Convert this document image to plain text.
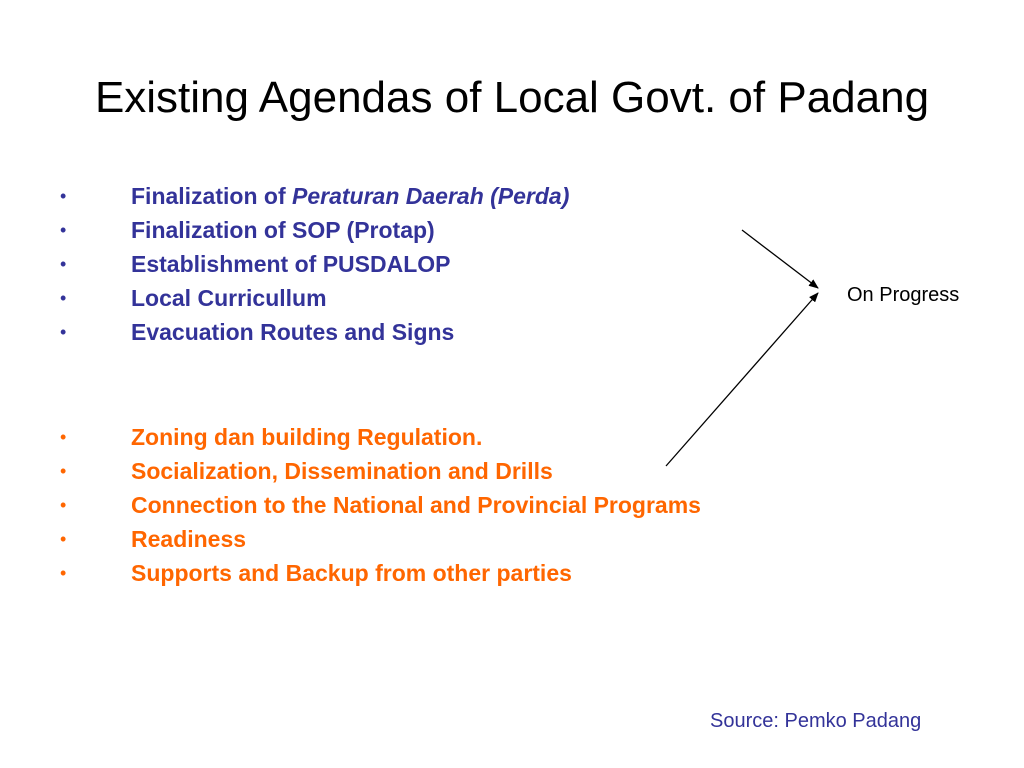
Existing Agendas of Local Govt. of Padang
•	Finalization of Peraturan Daerah (Perda)
•	Finalization of SOP (Protap)
•	Establishment of PUSDALOP
•	Local Curricullum
•	Evacuation Routes and Signs
•	Zoning dan building Regulation.
•	Socialization, Dissemination and Drills
•	Connection to the National and Provincial Programs
•	Readiness
•	Supports and Backup from other parties
On Progress
Source: Pemko Padang
